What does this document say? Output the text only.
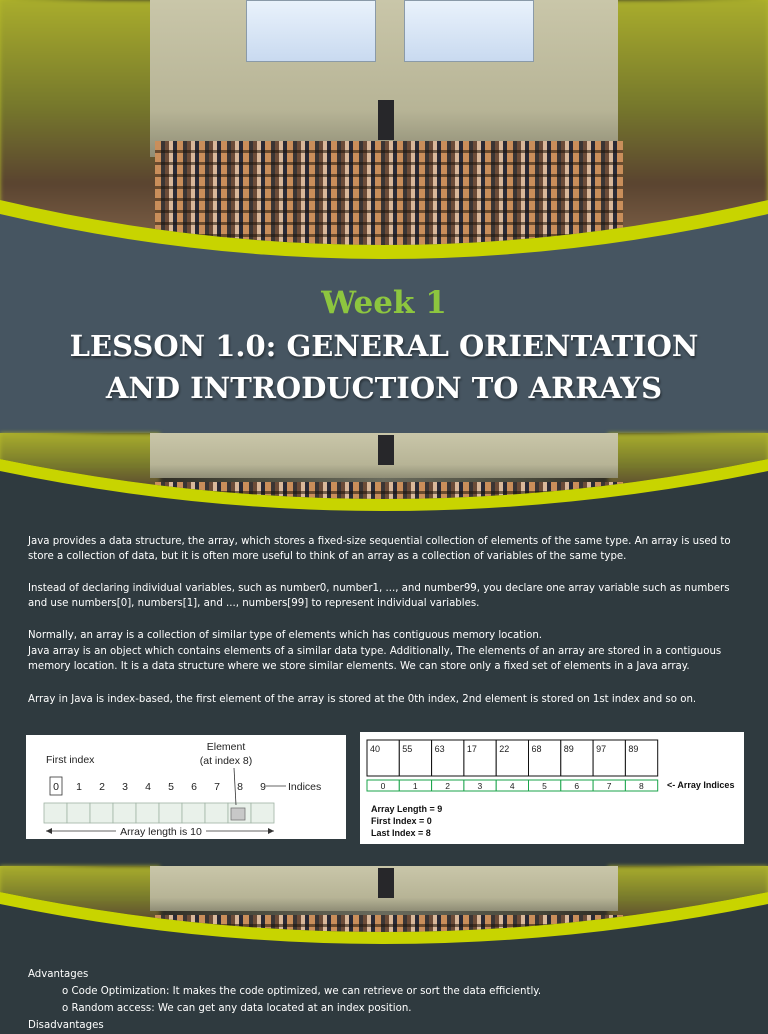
Week 1
LESSON 1.0: GENERAL ORIENTATION
AND INTRODUCTION TO ARRAYS

Java provides a data structure, the array, which stores a fixed-size sequential collection of elements of the same type. An array is used to store a collection of data, but it is often more useful to think of an array as a collection of variables of the same type.

Instead of declaring individual variables, such as number0, number1, ..., and number99, you declare one array variable such as numbers and use numbers[0], numbers[1], and ..., numbers[99] to represent individual variables.

Normally, an array is a collection of similar type of elements which has contiguous memory location.

Java array is an object which contains elements of a similar data type. Additionally, The elements of an array are stored in a contiguous memory location. It is a data structure where we store similar elements. We can store only a fixed set of elements in a Java array.

Array in Java is index-based, the first element of the array is stored at the 0th index, 2nd element is stored on 1st index and so on.

First index
Element
(at index 8)
0 1 2 3 4 5 6 7 8 9 Indices
Array length is 10
40 55 63 17 22 68 89 97 89
0	1	2	3	4	5	6	7	8	<- Array Indices
Array Length = 9
First Index = 0
Last Index = 8
Advantages
o Code Optimization: It makes the code optimized, we can retrieve or sort the data efficiently.
o Random access: We can get any data located at an index position.
Disadvantages
